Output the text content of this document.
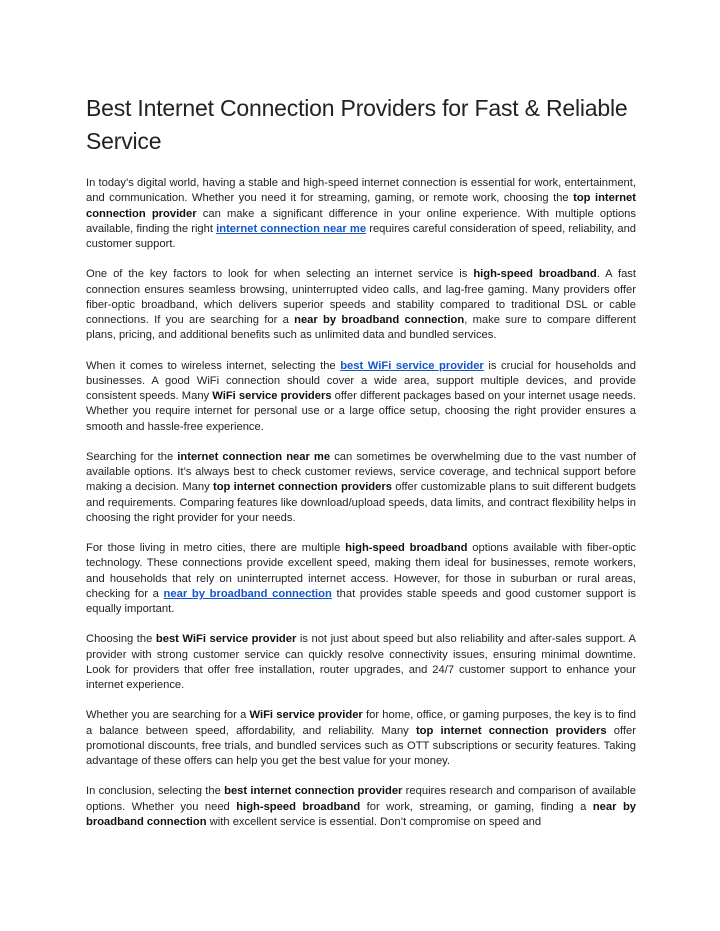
Best Internet Connection Providers for Fast & Reliable Service

In today’s digital world, having a stable and high-speed internet connection is essential for work, entertainment, and communication. Whether you need it for streaming, gaming, or remote work, choosing the top internet connection provider can make a significant difference in your online experience. With multiple options available, finding the right internet connection near me requires careful consideration of speed, reliability, and customer support.

One of the key factors to look for when selecting an internet service is high-speed broadband. A fast connection ensures seamless browsing, uninterrupted video calls, and lag-free gaming. Many providers offer fiber-optic broadband, which delivers superior speeds and stability compared to traditional DSL or cable connections. If you are searching for a near by broadband connection, make sure to compare different plans, pricing, and additional benefits such as unlimited data and bundled services.

When it comes to wireless internet, selecting the best WiFi service provider is crucial for households and businesses. A good WiFi connection should cover a wide area, support multiple devices, and provide consistent speeds. Many WiFi service providers offer different packages based on your internet usage needs. Whether you require internet for personal use or a large office setup, choosing the right provider ensures a smooth and hassle-free experience.

Searching for the internet connection near me can sometimes be overwhelming due to the vast number of available options. It’s always best to check customer reviews, service coverage, and technical support before making a decision. Many top internet connection providers offer customizable plans to suit different budgets and requirements. Comparing features like download/upload speeds, data limits, and contract flexibility helps in choosing the right provider for your needs.

For those living in metro cities, there are multiple high-speed broadband options available with fiber-optic technology. These connections provide excellent speed, making them ideal for businesses, remote workers, and households that rely on uninterrupted internet access. However, for those in suburban or rural areas, checking for a near by broadband connection that provides stable speeds and good customer support is equally important.

Choosing the best WiFi service provider is not just about speed but also reliability and after-sales support. A provider with strong customer service can quickly resolve connectivity issues, ensuring minimal downtime. Look for providers that offer free installation, router upgrades, and 24/7 customer support to enhance your internet experience.

Whether you are searching for a WiFi service provider for home, office, or gaming purposes, the key is to find a balance between speed, affordability, and reliability. Many top internet connection providers offer promotional discounts, free trials, and bundled services such as OTT subscriptions or security features. Taking advantage of these offers can help you get the best value for your money.

In conclusion, selecting the best internet connection provider requires research and comparison of available options. Whether you need high-speed broadband for work, streaming, or gaming, finding a near by broadband connection with excellent service is essential. Don’t compromise on speed and
